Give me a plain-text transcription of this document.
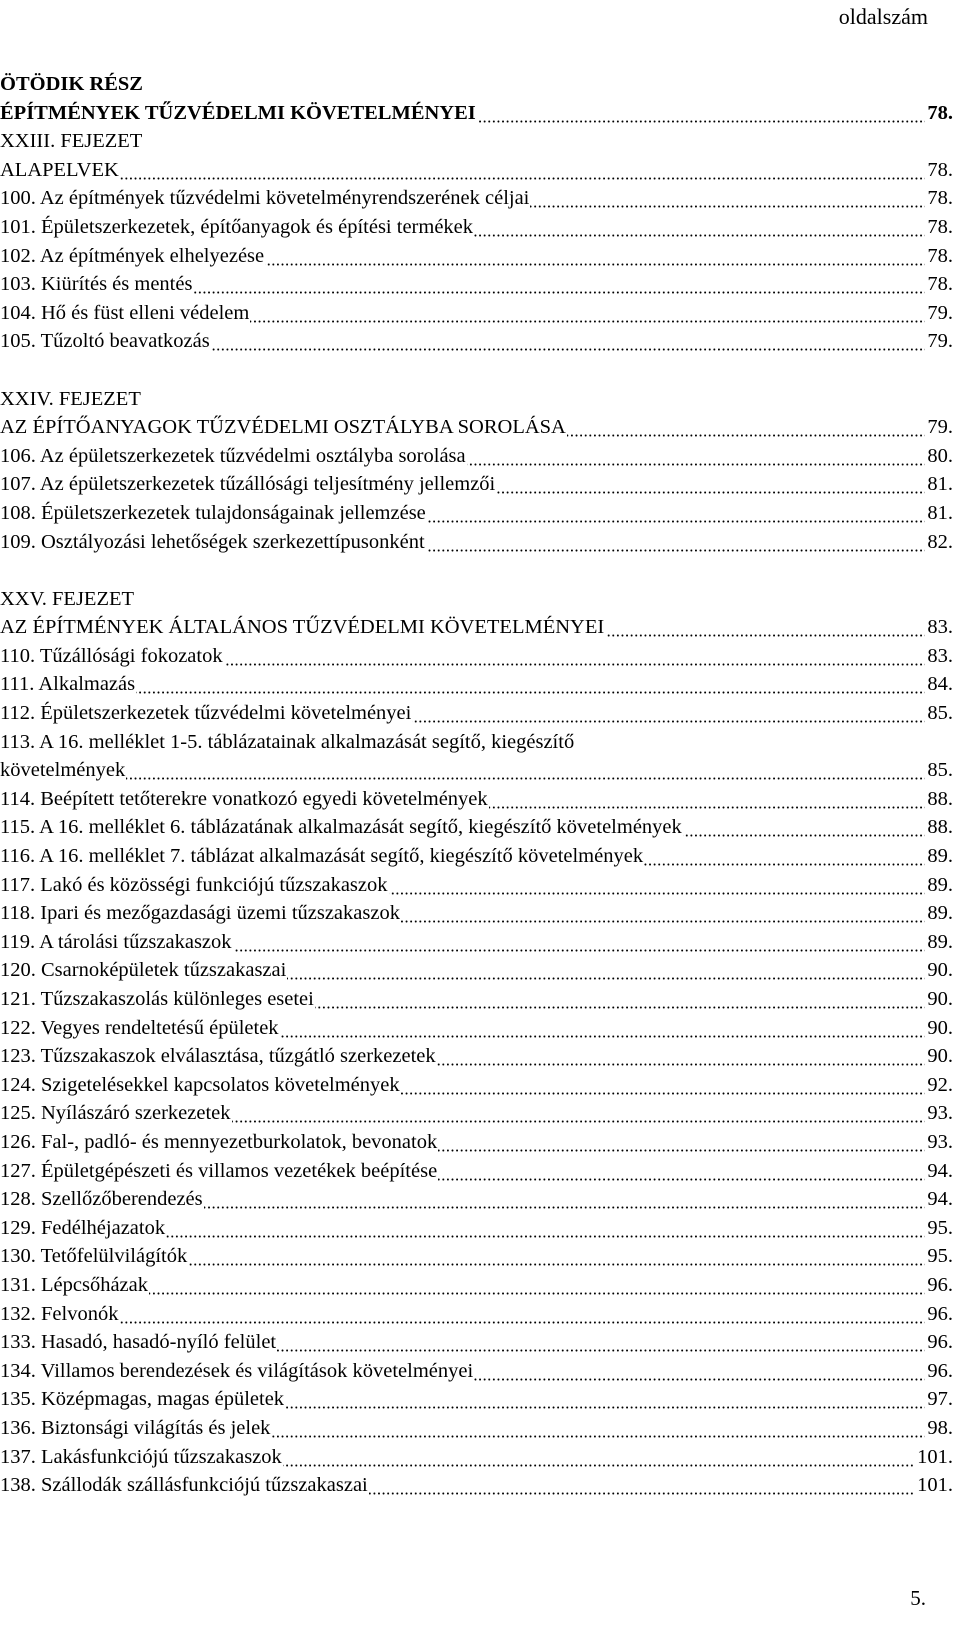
oldalszám
ÖTÖDIK RÉSZ
ÉPÍTMÉNYEK TŰZVÉDELMI KÖVETELMÉNYEI	78.
XXIII. FEJEZET
ALAPELVEK	78.
100. Az építmények tűzvédelmi követelményrendszerének céljai	78.
101. Épületszerkezetek, építőanyagok és építési termékek	78.
102. Az építmények elhelyezése	78.
103. Kiürítés és mentés	78.
104. Hő és füst elleni védelem	79.
105. Tűzoltó beavatkozás	79.
XXIV. FEJEZET
AZ ÉPÍTŐANYAGOK TŰZVÉDELMI OSZTÁLYBA SOROLÁSA	79.
106. Az épületszerkezetek tűzvédelmi osztályba sorolása	80.
107. Az épületszerkezetek tűzállósági teljesítmény jellemzői	81.
108. Épületszerkezetek tulajdonságainak jellemzése	81.
109. Osztályozási lehetőségek szerkezettípusonként	82.
XXV. FEJEZET
AZ ÉPÍTMÉNYEK ÁLTALÁNOS TŰZVÉDELMI KÖVETELMÉNYEI	83.
110. Tűzállósági fokozatok	83.
111. Alkalmazás	84.
112. Épületszerkezetek tűzvédelmi követelményei	85.
113. A 16. melléklet 1-5. táblázatainak alkalmazását segítő, kiegészítő
követelmények	85.
114. Beépített tetőterekre vonatkozó egyedi követelmények	88.
115. A 16. melléklet 6. táblázatának alkalmazását segítő, kiegészítő követelmények	88.
116. A 16. melléklet 7. táblázat alkalmazását segítő, kiegészítő követelmények	89.
117. Lakó és közösségi funkciójú tűzszakaszok	89.
118. Ipari és mezőgazdasági üzemi tűzszakaszok	89.
119. A tárolási tűzszakaszok	89.
120. Csarnoképületek tűzszakaszai	90.
121. Tűzszakaszolás különleges esetei	90.
122. Vegyes rendeltetésű épületek	90.
123. Tűzszakaszok elválasztása, tűzgátló szerkezetek	90.
124. Szigetelésekkel kapcsolatos követelmények	92.
125. Nyílászáró szerkezetek	93.
126. Fal-, padló- és mennyezetburkolatok, bevonatok	93.
127. Épületgépészeti és villamos vezetékek beépítése	94.
128. Szellőzőberendezés	94.
129. Fedélhéjazatok	95.
130. Tetőfelülvilágítók	95.
131. Lépcsőházak	96.
132. Felvonók	96.
133. Hasadó, hasadó-nyíló felület	96.
134. Villamos berendezések és világítások követelményei	96.
135. Középmagas, magas épületek	97.
136. Biztonsági világítás és jelek	98.
137. Lakásfunkciójú tűzszakaszok	101.
138. Szállodák szállásfunkciójú tűzszakaszai	101.
5.
